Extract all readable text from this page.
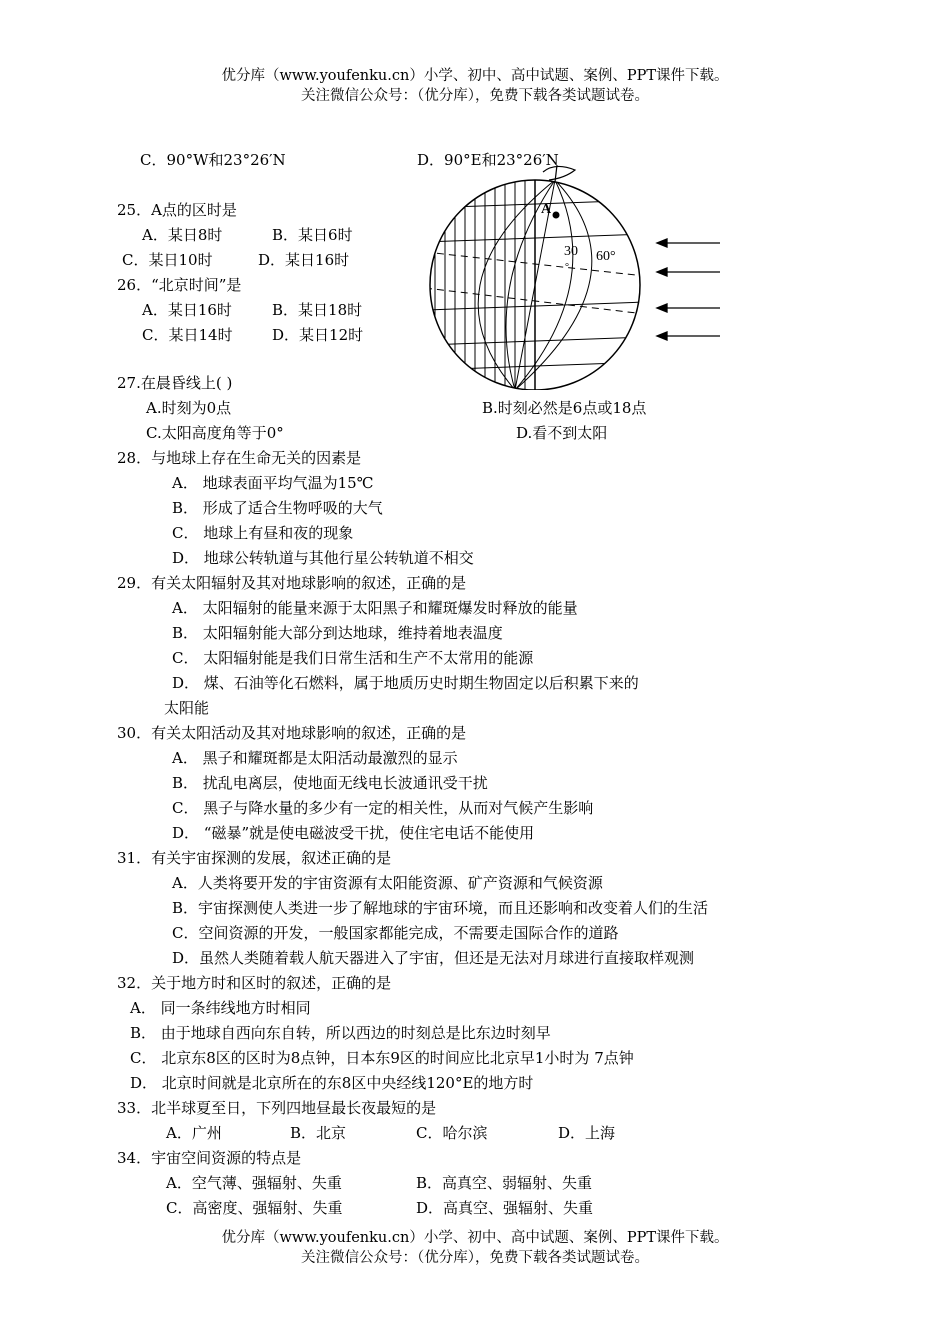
优分库（www.youfenku.cn）小学、初中、高中试题、案例、PPT课件下载。
关注微信公众号：（优分库），免费下载各类试题试卷。
C．90°W和23°26′N	D．90°E和23°26′N
25．A点的区时是
A．某日8时	B．某日6时
C．某日10时	D．某日16时
26．“北京时间”是
A．某日16时	B．某日18时
C．某日14时	D．某日12时
A
30
°
60°
27.在晨昏线上( )
A.时刻为0点	B.时刻必然是6点或18点
C.太阳高度角等于0°	D.看不到太阳
28．与地球上存在生命无关的因素是
A． 地球表面平均气温为15℃
B． 形成了适合生物呼吸的大气
C． 地球上有昼和夜的现象
D． 地球公转轨道与其他行星公转轨道不相交
29．有关太阳辐射及其对地球影响的叙述，正确的是
A． 太阳辐射的能量来源于太阳黑子和耀斑爆发时释放的能量
B． 太阳辐射能大部分到达地球，维持着地表温度
C． 太阳辐射能是我们日常生活和生产不太常用的能源
D． 煤、石油等化石燃料，属于地质历史时期生物固定以后积累下来的
太阳能
30．有关太阳活动及其对地球影响的叙述，正确的是
A． 黑子和耀斑都是太阳活动最激烈的显示
B． 扰乱电离层，使地面无线电长波通讯受干扰
C． 黑子与降水量的多少有一定的相关性，从而对气候产生影响
D． “磁暴”就是使电磁波受干扰，使住宅电话不能使用
31．有关宇宙探测的发展，叙述正确的是
A．人类将要开发的宇宙资源有太阳能资源、矿产资源和气候资源
B．宇宙探测使人类进一步了解地球的宇宙环境，而且还影响和改变着人们的生活
C．空间资源的开发，一般国家都能完成，不需要走国际合作的道路
D．虽然人类随着载人航天器进入了宇宙，但还是无法对月球进行直接取样观测
32．关于地方时和区时的叙述，正确的是
A． 同一条纬线地方时相同
B． 由于地球自西向东自转，所以西边的时刻总是比东边时刻早
C． 北京东8区的区时为8点钟，日本东9区的时间应比北京早1小时为 7点钟
D． 北京时间就是北京所在的东8区中央经线120°E的地方时
33．北半球夏至日，下列四地昼最长夜最短的是
A．广州	B．北京	C．哈尔滨	D．上海
34．宇宙空间资源的特点是
A．空气薄、强辐射、失重	B．高真空、弱辐射、失重
C．高密度、强辐射、失重	D．高真空、强辐射、失重
优分库（www.youfenku.cn）小学、初中、高中试题、案例、PPT课件下载。
关注微信公众号：（优分库），免费下载各类试题试卷。
